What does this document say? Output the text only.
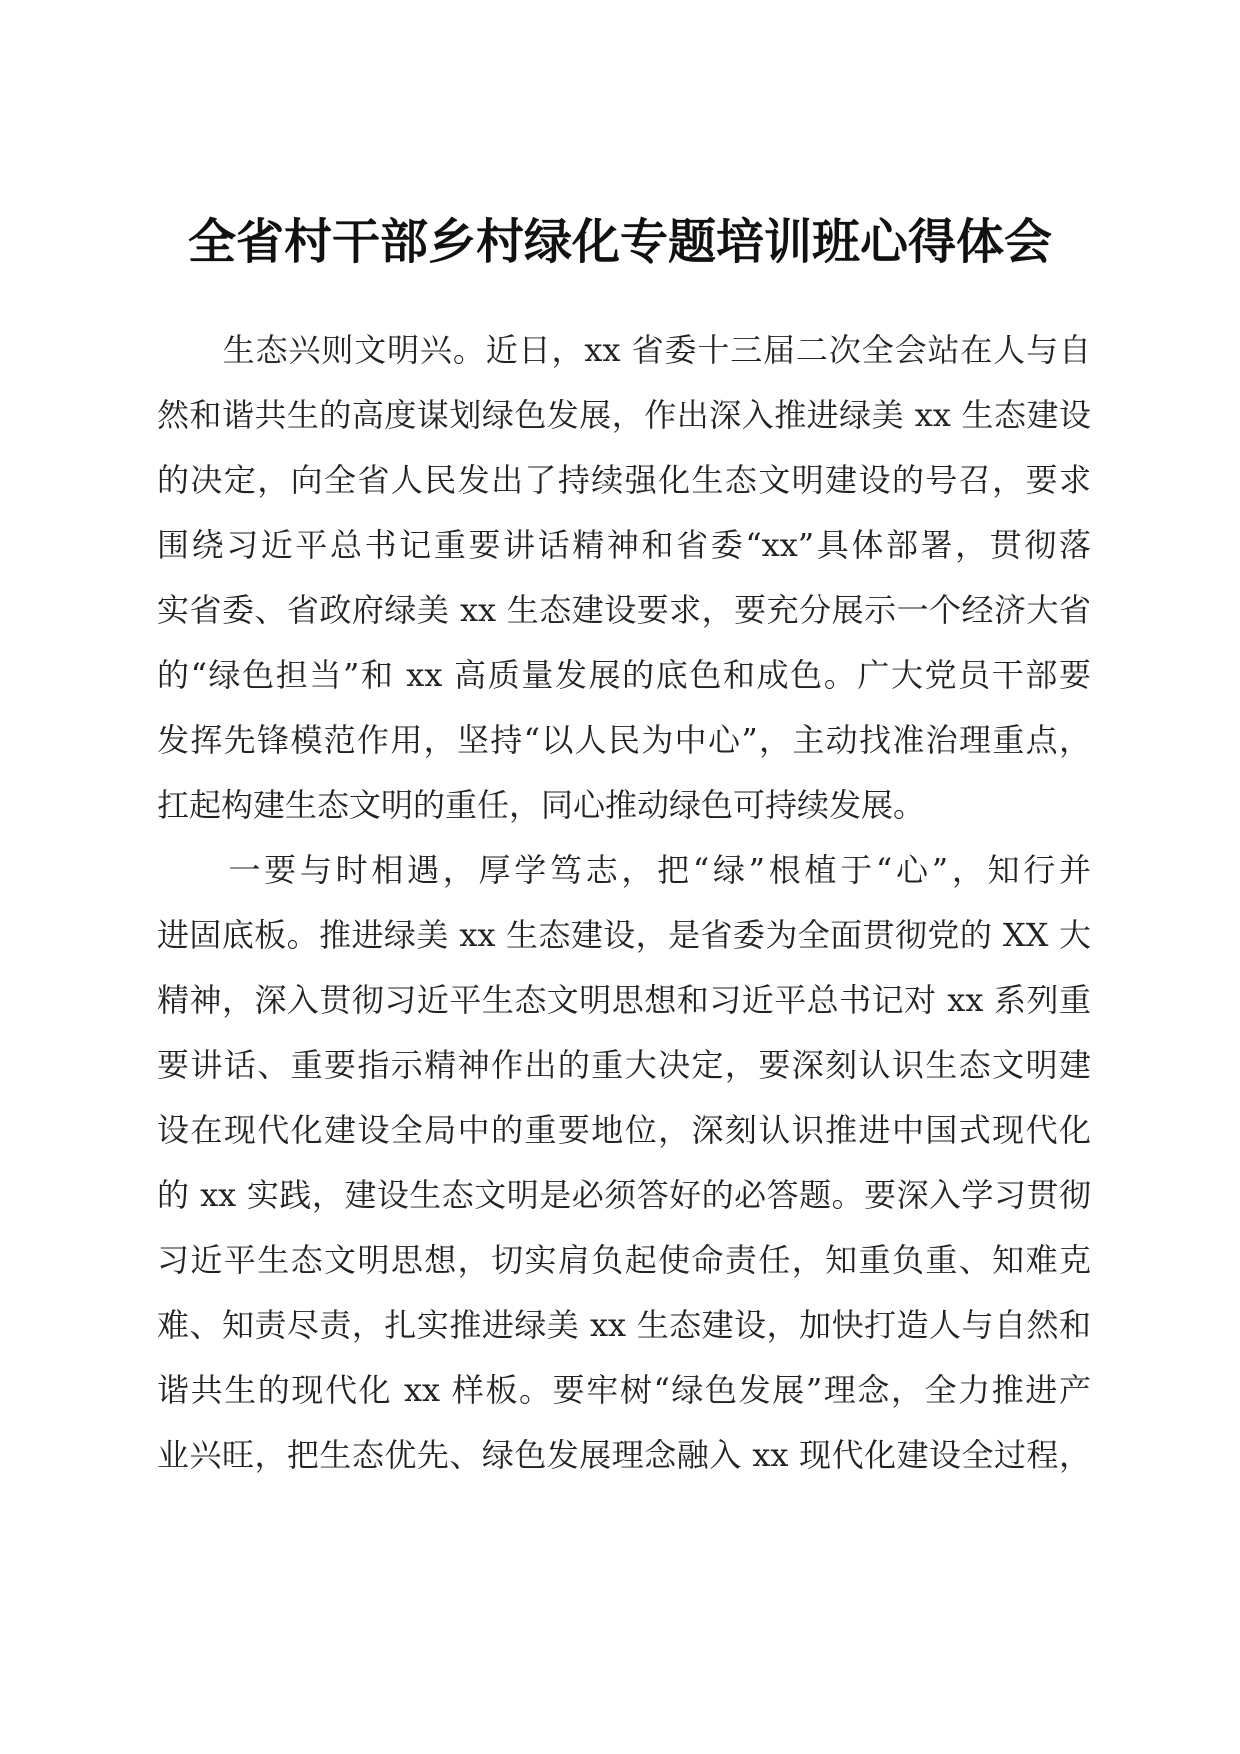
全省村干部乡村绿化专题培训班心得体会
　　生态兴则文明兴。近日，xx 省委十三届二次全会站在人与自
然和谐共生的高度谋划绿色发展，作出深入推进绿美 xx 生态建设
的决定，向全省人民发出了持续强化生态文明建设的号召，要求
围绕习近平总书记重要讲话精神和省委“xx”具体部署，贯彻落
实省委、省政府绿美 xx 生态建设要求，要充分展示一个经济大省
的“绿色担当”和 xx 高质量发展的底色和成色。广大党员干部要
发挥先锋模范作用，坚持“以人民为中心”，主动找准治理重点，
扛起构建生态文明的重任，同心推动绿色可持续发展。
　　一要与时相遇，厚学笃志，把“绿”根植于“心”，知行并
进固底板。推进绿美 xx 生态建设，是省委为全面贯彻党的 XX 大
精神，深入贯彻习近平生态文明思想和习近平总书记对 xx 系列重
要讲话、重要指示精神作出的重大决定，要深刻认识生态文明建
设在现代化建设全局中的重要地位，深刻认识推进中国式现代化
的 xx 实践，建设生态文明是必须答好的必答题。要深入学习贯彻
习近平生态文明思想，切实肩负起使命责任，知重负重、知难克
难、知责尽责，扎实推进绿美 xx 生态建设，加快打造人与自然和
谐共生的现代化 xx 样板。要牢树“绿色发展”理念，全力推进产
业兴旺，把生态优先、绿色发展理念融入 xx 现代化建设全过程，
